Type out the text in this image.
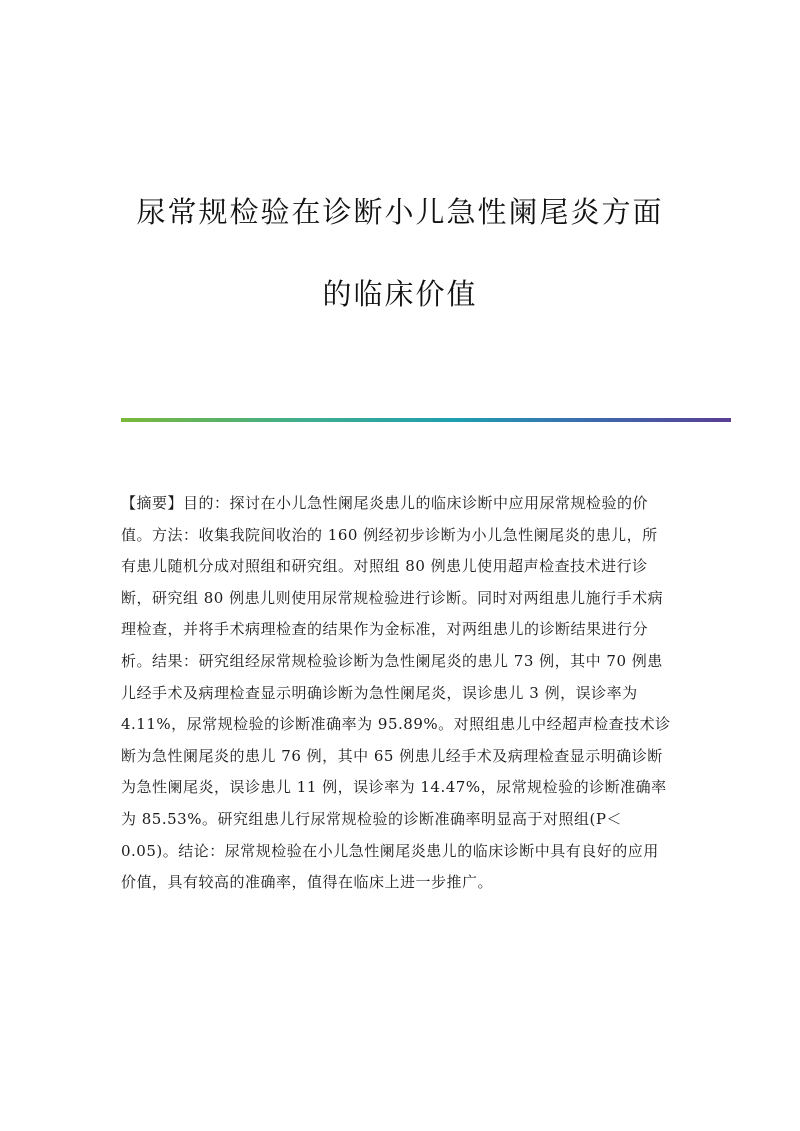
尿常规检验在诊断小儿急性阑尾炎方面
的临床价值

【摘要】目的：探讨在小儿急性阑尾炎患儿的临床诊断中应用尿常规检验的价
值。方法：收集我院间收治的 160 例经初步诊断为小儿急性阑尾炎的患儿，所
有患儿随机分成对照组和研究组。对照组 80 例患儿使用超声检查技术进行诊
断，研究组 80 例患儿则使用尿常规检验进行诊断。同时对两组患儿施行手术病
理检查，并将手术病理检查的结果作为金标准，对两组患儿的诊断结果进行分
析。结果：研究组经尿常规检验诊断为急性阑尾炎的患儿 73 例，其中 70 例患
儿经手术及病理检查显示明确诊断为急性阑尾炎，误诊患儿 3 例，误诊率为
4.11%，尿常规检验的诊断准确率为 95.89%。对照组患儿中经超声检查技术诊
断为急性阑尾炎的患儿 76 例，其中 65 例患儿经手术及病理检查显示明确诊断
为急性阑尾炎，误诊患儿 11 例，误诊率为 14.47%，尿常规检验的诊断准确率
为 85.53%。研究组患儿行尿常规检验的诊断准确率明显高于对照组(P＜
0.05)。结论：尿常规检验在小儿急性阑尾炎患儿的临床诊断中具有良好的应用
价值，具有较高的准确率，值得在临床上进一步推广。
